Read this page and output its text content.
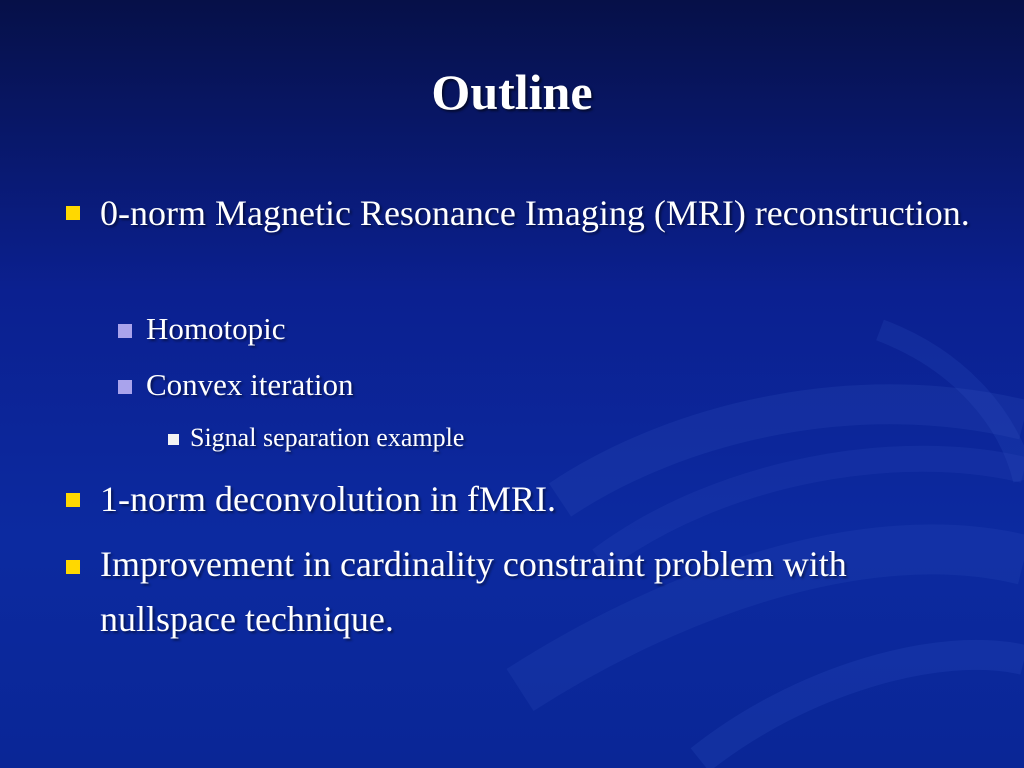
Outline
0-norm Magnetic Resonance Imaging (MRI) reconstruction.
Homotopic
Convex iteration
Signal separation example
1-norm deconvolution in fMRI.
Improvement in cardinality constraint problem with nullspace technique.
